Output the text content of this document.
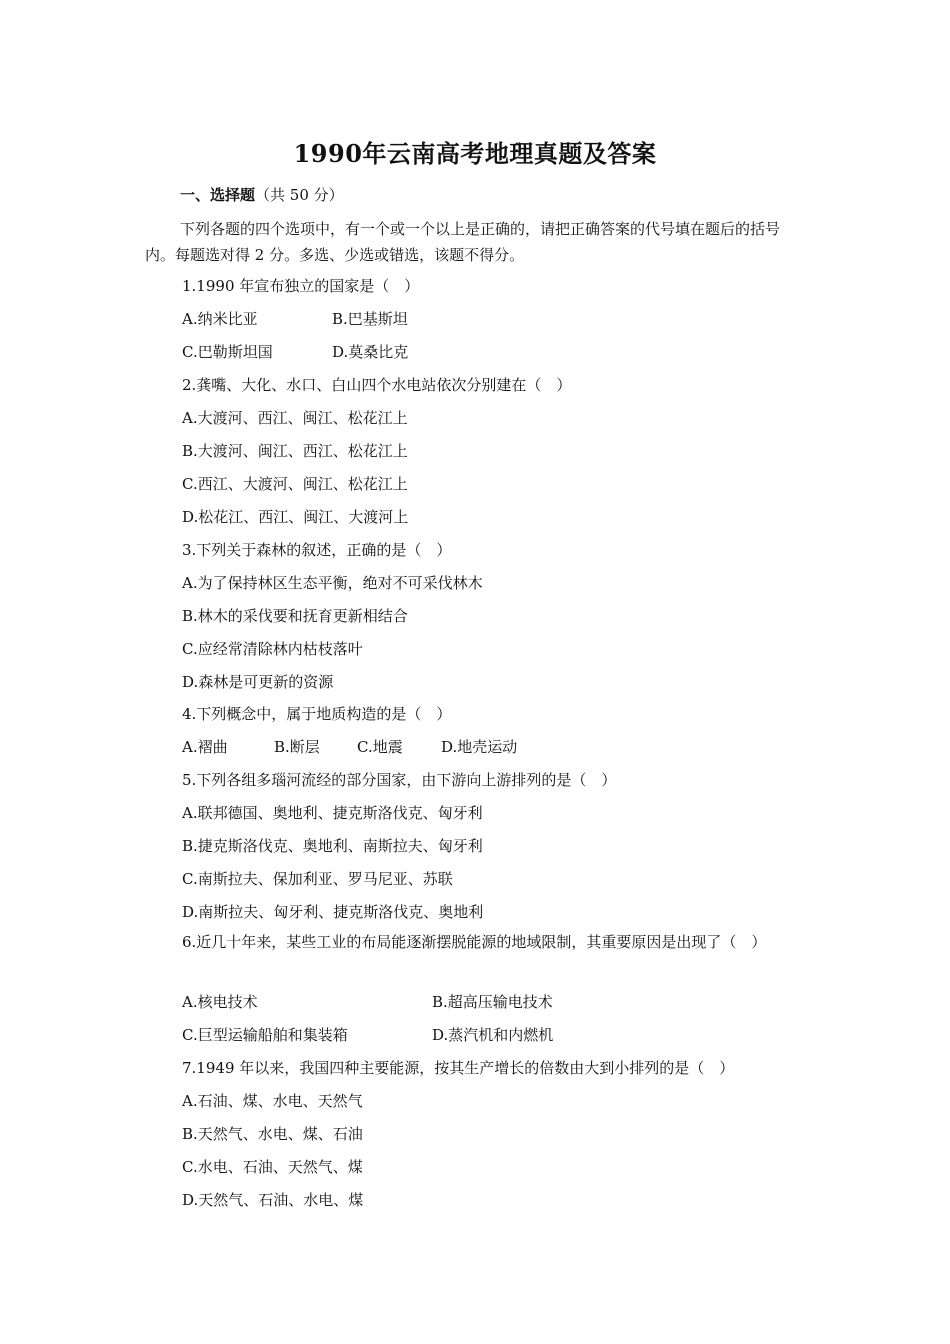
1990年云南高考地理真题及答案
一、选择题（共 50 分）

下列各题的四个选项中，有一个或一个以上是正确的，请把正确答案的代号填在题后的括号内。每题选对得 2 分。多选、少选或错选，该题不得分。

1.1990 年宣布独立的国家是（　）
A.纳米比亚	B.巴基斯坦
C.巴勒斯坦国	D.莫桑比克
2.龚嘴、大化、水口、白山四个水电站依次分别建在（　）
A.大渡河、西江、闽江、松花江上
B.大渡河、闽江、西江、松花江上
C.西江、大渡河、闽江、松花江上
D.松花江、西江、闽江、大渡河上
3.下列关于森林的叙述，正确的是（　）
A.为了保持林区生态平衡，绝对不可采伐林木
B.林木的采伐要和抚育更新相结合
C.应经常清除林内枯枝落叶
D.森林是可更新的资源
4.下列概念中，属于地质构造的是（　）
A.褶曲	B.断层 C.地震	D.地壳运动
5.下列各组多瑙河流经的部分国家，由下游向上游排列的是（　）
A.联邦德国、奥地利、捷克斯洛伐克、匈牙利
B.捷克斯洛伐克、奥地利、南斯拉夫、匈牙利
C.南斯拉夫、保加利亚、罗马尼亚、苏联
D.南斯拉夫、匈牙利、捷克斯洛伐克、奥地利

6.近几十年来，某些工业的布局能逐渐摆脱能源的地域限制，其重要原因是出现了（　）

A.核电技术	B.超高压输电技术
C.巨型运输船舶和集装箱	D.蒸汽机和内燃机
7.1949 年以来，我国四种主要能源，按其生产增长的倍数由大到小排列的是（　）
A.石油、煤、水电、天然气
B.天然气、水电、煤、石油
C.水电、石油、天然气、煤
D.天然气、石油、水电、煤
